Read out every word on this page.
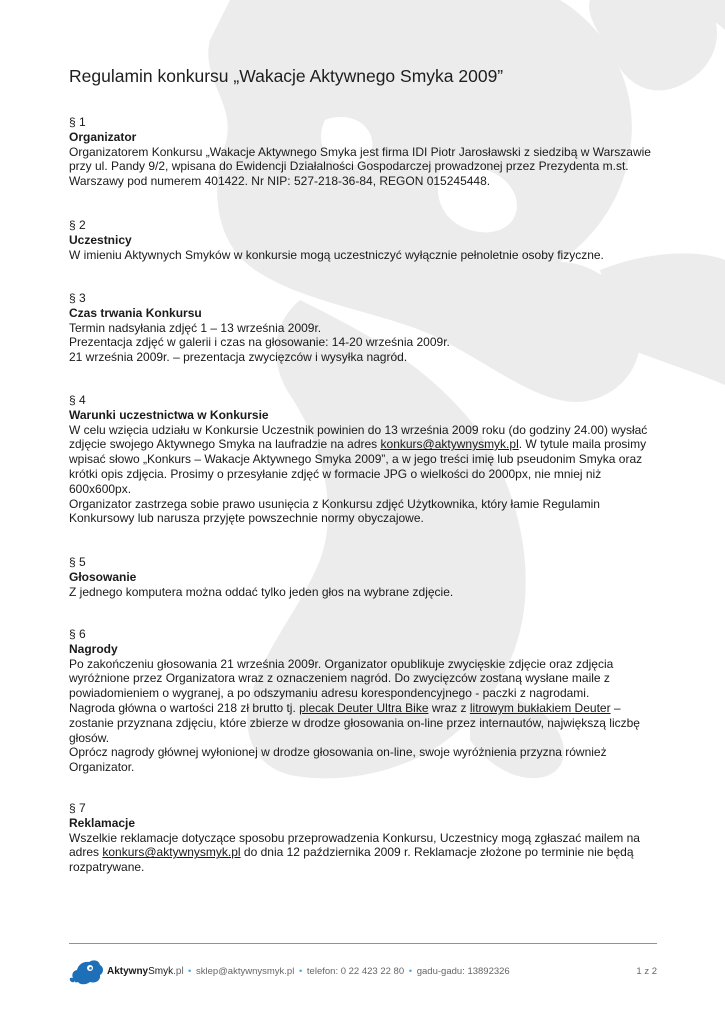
Regulamin konkursu „Wakacje Aktywnego Smyka 2009”
§ 1
Organizator

Organizatorem Konkursu „Wakacje Aktywnego Smyka jest firma IDI Piotr Jarosławski z siedzibą w Warszawie przy ul. Pandy 9/2, wpisana do Ewidencji Działalności Gospodarczej prowadzonej przez Prezydenta m.st. Warszawy pod numerem 401422. Nr NIP: 527-218-36-84, REGON 015245448.

§ 2
Uczestnicy

W imieniu Aktywnych Smyków w konkursie mogą uczestniczyć wyłącznie pełnoletnie osoby fizyczne.

§ 3
Czas trwania Konkursu

Termin nadsyłania zdjęć 1 – 13 września 2009r.

Prezentacja zdjęć w galerii i czas na głosowanie: 14-20 września 2009r.

21 września 2009r. – prezentacja zwycięzców i wysyłka nagród.

§ 4
Warunki uczestnictwa w Konkursie

W celu wzięcia udziału w Konkursie Uczestnik powinien do 13 września 2009 roku (do godziny 24.00) wysłać zdjęcie swojego Aktywnego Smyka na laufradzie na adres konkurs@aktywnysmyk.pl. W tytule maila prosimy wpisać słowo „Konkurs – Wakacje Aktywnego Smyka 2009”, a w jego treści imię lub pseudonim Smyka oraz krótki opis zdjęcia. Prosimy o przesyłanie zdjęć w formacie JPG o wielkości do 2000px, nie mniej niż 600x600px.

Organizator zastrzega sobie prawo usunięcia z Konkursu zdjęć Użytkownika, który łamie Regulamin Konkursowy lub narusza przyjęte powszechnie normy obyczajowe.

§ 5
Głosowanie

Z jednego komputera można oddać tylko jeden głos na wybrane zdjęcie.

§ 6
Nagrody

Po zakończeniu głosowania 21 września 2009r. Organizator opublikuje zwycięskie zdjęcie oraz zdjęcia wyróżnione przez Organizatora wraz z oznaczeniem nagród. Do zwycięzców zostaną wysłane maile z powiadomieniem o wygranej, a po odszymaniu adresu korespondencyjnego - paczki z nagrodami.

Nagroda główna o wartości 218 zł brutto tj. plecak Deuter Ultra Bike wraz z litrowym bukłakiem Deuter – zostanie przyznana zdjęciu, które zbierze w drodze głosowania on-line przez internautów, największą liczbę głosów.

Oprócz nagrody głównej wyłonionej w drodze głosowania on-line, swoje wyróżnienia przyzna również Organizator.

§ 7
Reklamacje

Wszelkie reklamacje dotyczące sposobu przeprowadzenia Konkursu, Uczestnicy mogą zgłaszać mailem na adres konkurs@aktywnysmyk.pl do dnia 12 października 2009 r. Reklamacje złożone po terminie nie będą rozpatrywane.

AktywnySmyk.pl • sklep@aktywnysmyk.pl • telefon: 0 22 423 22 80 • gadu-gadu: 13892326	1 z 2
